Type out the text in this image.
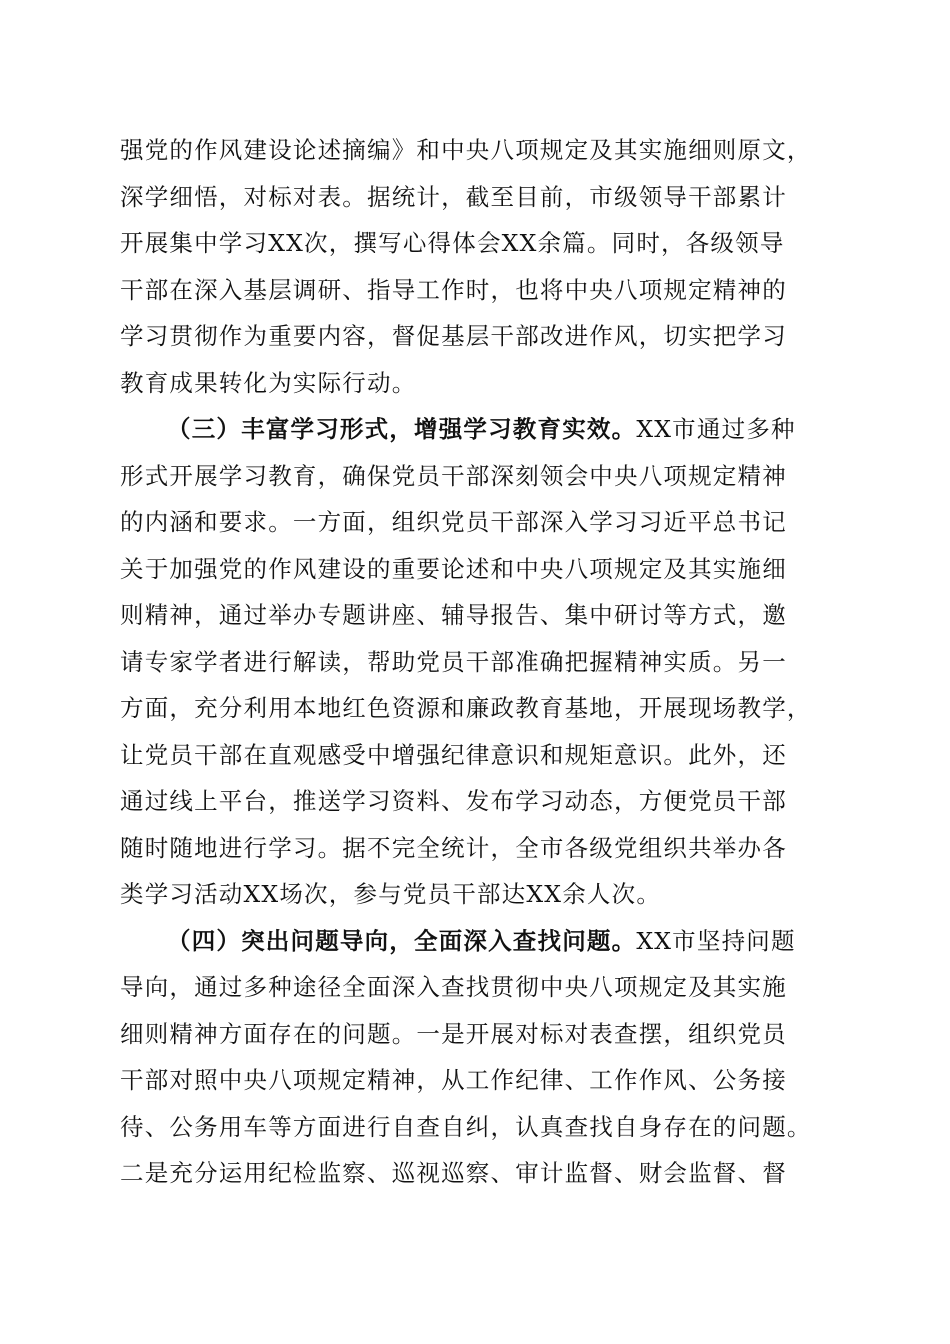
强党的作风建设论述摘编》和中央八项规定及其实施细则原文，
深学细悟，对标对表。据统计，截至目前，市级领导干部累计
开展集中学习XX次，撰写心得体会XX余篇。同时，各级领导
干部在深入基层调研、指导工作时，也将中央八项规定精神的
学习贯彻作为重要内容，督促基层干部改进作风，切实把学习
教育成果转化为实际行动。
（三）丰富学习形式，增强学习教育实效。XX市通过多种
形式开展学习教育，确保党员干部深刻领会中央八项规定精神
的内涵和要求。一方面，组织党员干部深入学习习近平总书记
关于加强党的作风建设的重要论述和中央八项规定及其实施细
则精神，通过举办专题讲座、辅导报告、集中研讨等方式，邀
请专家学者进行解读，帮助党员干部准确把握精神实质。另一
方面，充分利用本地红色资源和廉政教育基地，开展现场教学，
让党员干部在直观感受中增强纪律意识和规矩意识。此外，还
通过线上平台，推送学习资料、发布学习动态，方便党员干部
随时随地进行学习。据不完全统计，全市各级党组织共举办各
类学习活动XX场次，参与党员干部达XX余人次。
（四）突出问题导向，全面深入查找问题。XX市坚持问题
导向，通过多种途径全面深入查找贯彻中央八项规定及其实施
细则精神方面存在的问题。一是开展对标对表查摆，组织党员
干部对照中央八项规定精神，从工作纪律、工作作风、公务接
待、公务用车等方面进行自查自纠，认真查找自身存在的问题。
二是充分运用纪检监察、巡视巡察、审计监督、财会监督、督
